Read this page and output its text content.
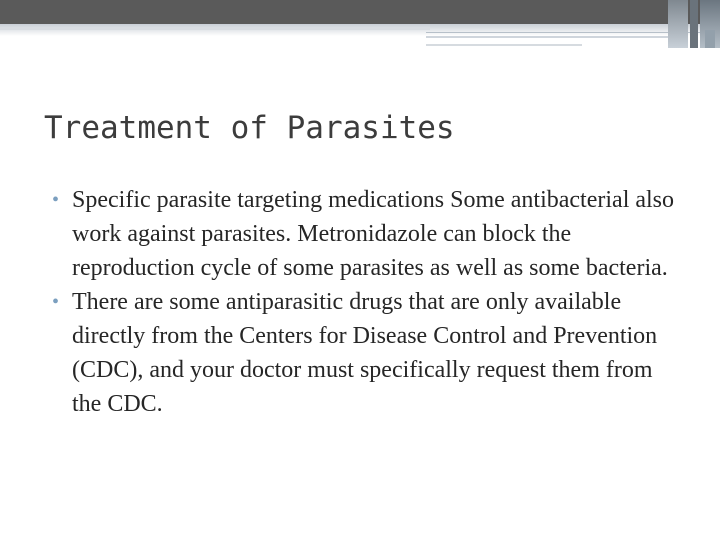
Treatment of Parasites
• Specific parasite targeting medications Some antibacterial also work against parasites. Metronidazole can block the reproduction cycle of some parasites as well as some bacteria.
• There are some antiparasitic drugs that are only available directly from the Centers for Disease Control and Prevention (CDC), and your doctor must specifically request them from the CDC.
